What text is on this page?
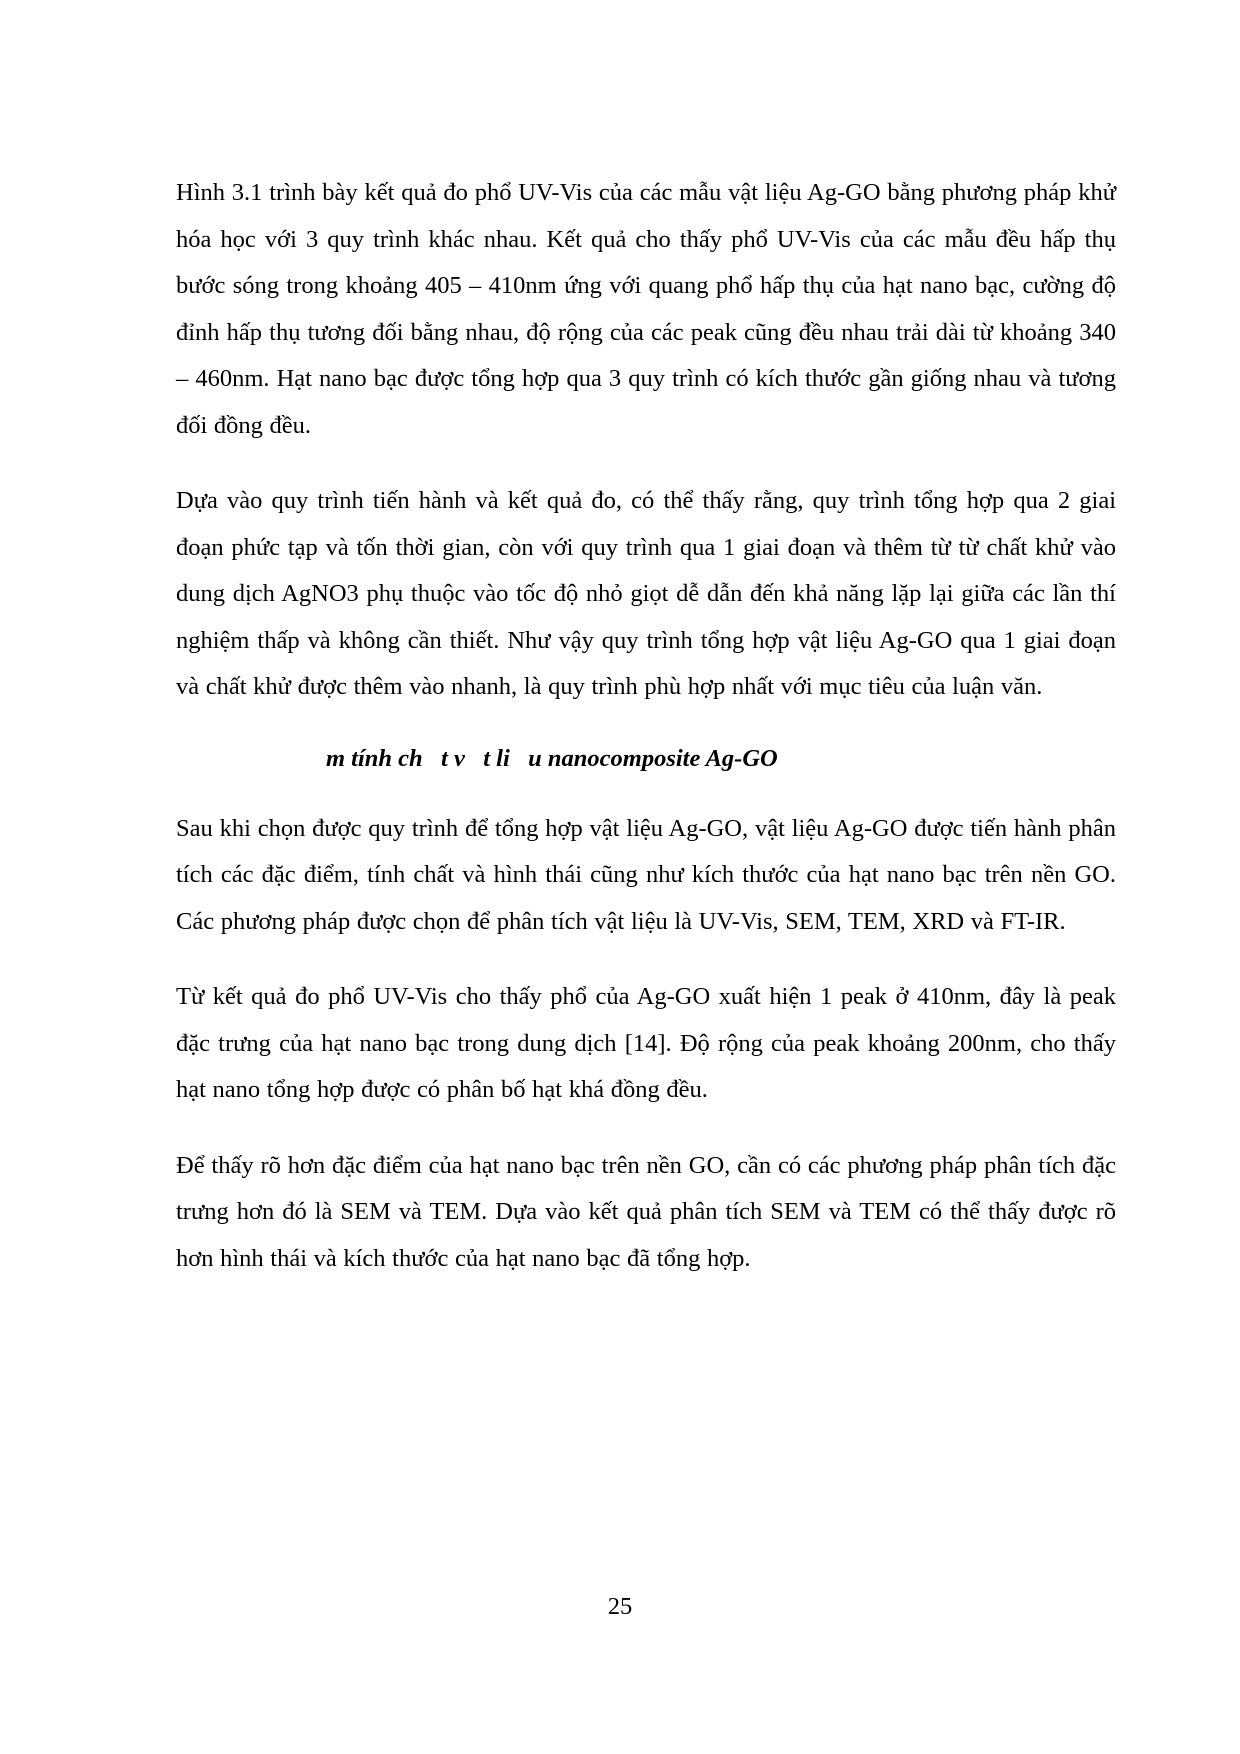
Hình 3.1 trình bày kết quả đo phổ UV-Vis của các mẫu vật liệu Ag-GO bằng phương pháp khử hóa học với 3 quy trình khác nhau. Kết quả cho thấy phổ UV-Vis của các mẫu đều hấp thụ bước sóng trong khoảng 405 – 410nm ứng với quang phổ hấp thụ của hạt nano bạc, cường độ đỉnh hấp thụ tương đối bằng nhau, độ rộng của các peak cũng đều nhau trải dài từ khoảng 340 – 460nm. Hạt nano bạc được tổng hợp qua 3 quy trình có kích thước gần giống nhau và tương đối đồng đều.

Dựa vào quy trình tiến hành và kết quả đo, có thể thấy rằng, quy trình tổng hợp qua 2 giai đoạn phức tạp và tốn thời gian, còn với quy trình qua 1 giai đoạn và thêm từ từ chất khử vào dung dịch AgNO3 phụ thuộc vào tốc độ nhỏ giọt dễ dẫn đến khả năng lặp lại giữa các lần thí nghiệm thấp và không cần thiết. Như vậy quy trình tổng hợp vật liệu Ag-GO qua 1 giai đoạn và chất khử được thêm vào nhanh, là quy trình phù hợp nhất với mục tiêu của luận văn.

m tính ch   t v   t li   u nanocomposite Ag-GO

Sau khi chọn được quy trình để tổng hợp vật liệu Ag-GO, vật liệu Ag-GO được tiến hành phân tích các đặc điểm, tính chất và hình thái cũng như kích thước của hạt nano bạc trên nền GO. Các phương pháp được chọn để phân tích vật liệu là UV-Vis, SEM, TEM, XRD và FT-IR.

Từ kết quả đo phổ UV-Vis cho thấy phổ của Ag-GO xuất hiện 1 peak ở 410nm, đây là peak đặc trưng của hạt nano bạc trong dung dịch [14]. Độ rộng của peak khoảng 200nm, cho thấy hạt nano tổng hợp được có phân bố hạt khá đồng đều.

Để thấy rõ hơn đặc điểm của hạt nano bạc trên nền GO, cần có các phương pháp phân tích đặc trưng hơn đó là SEM và TEM. Dựa vào kết quả phân tích SEM và TEM có thể thấy được rõ hơn hình thái và kích thước của hạt nano bạc đã tổng hợp.

25
